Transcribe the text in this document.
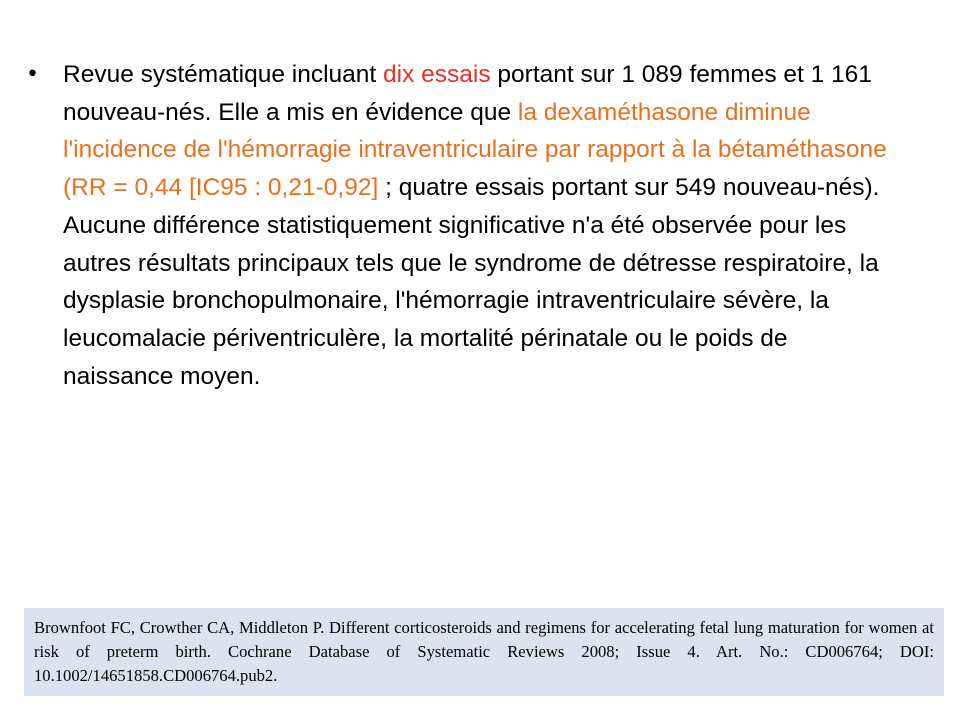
• Revue systématique incluant dix essais portant sur 1 089 femmes et 1 161 nouveau-nés. Elle a mis en évidence que la dexaméthasone diminue l'incidence de l'hémorragie intraventriculaire par rapport à la bétaméthasone (RR = 0,44 [IC95 : 0,21-0,92] ; quatre essais portant sur 549 nouveau-nés). Aucune différence statistiquement significative n'a été observée pour les autres résultats principaux tels que le syndrome de détresse respiratoire, la dysplasie bronchopulmonaire, l'hémorragie intraventriculaire sévère, la leucomalacie périventriculère, la mortalité périnatale ou le poids de naissance moyen.
Brownfoot FC, Crowther CA, Middleton P. Different corticosteroids and regimens for accelerating fetal lung maturation for women at risk of preterm birth. Cochrane Database of Systematic Reviews 2008; Issue 4. Art. No.: CD006764; DOI: 10.1002/14651858.CD006764.pub2.
